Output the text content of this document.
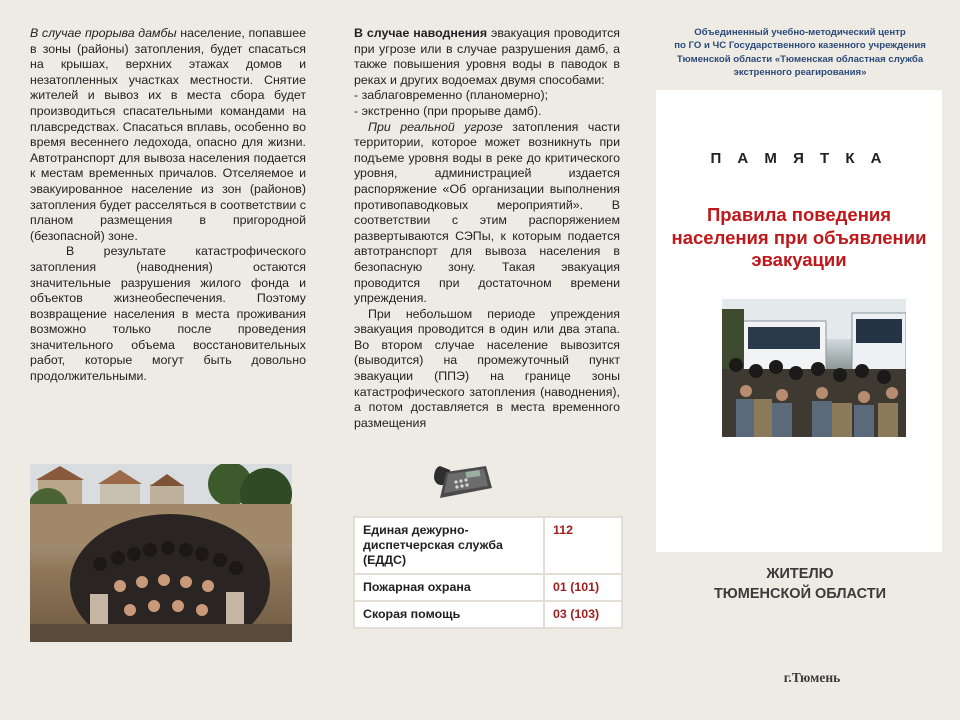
В случае прорыва дамбы население, попавшее в зоны (районы) затопления, будет спасаться на крышах, верхних этажах домов и незатопленных участках местности. Снятие жителей и вывоз их в места сбора будет производиться спасательными командами на плавсредствах. Спасаться вплавь, особенно во время весеннего ледохода, опасно для жизни. Автотранспорт для вывоза населения подается к местам временных причалов. Отселяемое и эвакуированное население из зон (районов) затопления будет расселяться в соответствии с планом размещения в пригородной (безопасной) зоне.

В результате катастрофического затопления (наводнения) остаются значительные разрушения жилого фонда и объектов жизнеобеспечения. Поэтому возвращение населения в места проживания возможно только после проведения значительного объема восстановительных работ, которые могут быть довольно продолжительными.

В случае наводнения эвакуация проводится при угрозе или в случае разрушения дамб, а также повышения уровня воды в паводок в реках и других водоемах двумя способами:

- заблаговременно (планомерно);

- экстренно (при прорыве дамб).

При реальной угрозе затопления части территории, которое может возникнуть при подъеме уровня воды в реке до критического уровня, администрацией издается распоряжение «Об организации выполнения противопаводковых мероприятий». В соответствии с этим распоряжением развертываются СЭПы, к которым подается автотранспорт для вывоза населения в безопасную зону. Такая эвакуация проводится при достаточном времени упреждения.

При небольшом периоде упреждения эвакуация проводится в один или два этапа. Во втором случае население вывозится (выводится) на промежуточный пункт эвакуации (ППЭ) на границе зоны катастрофического затопления (наводнения), а потом доставляется в места временного размещения

Единая дежурно-диспетчерская служба (ЕДДС)	112
Пожарная охрана	01 (101)
Скорая помощь	03 (103)
Объединенный учебно-методический центр
по ГО и ЧС Государственного казенного учреждения
Тюменской области «Тюменская областная служба
экстренного реагирования»
П А М Я Т К А
Правила поведения населения при объявлении эвакуации
ЖИТЕЛЮ
ТЮМЕНСКОЙ ОБЛАСТИ
г.Тюмень
